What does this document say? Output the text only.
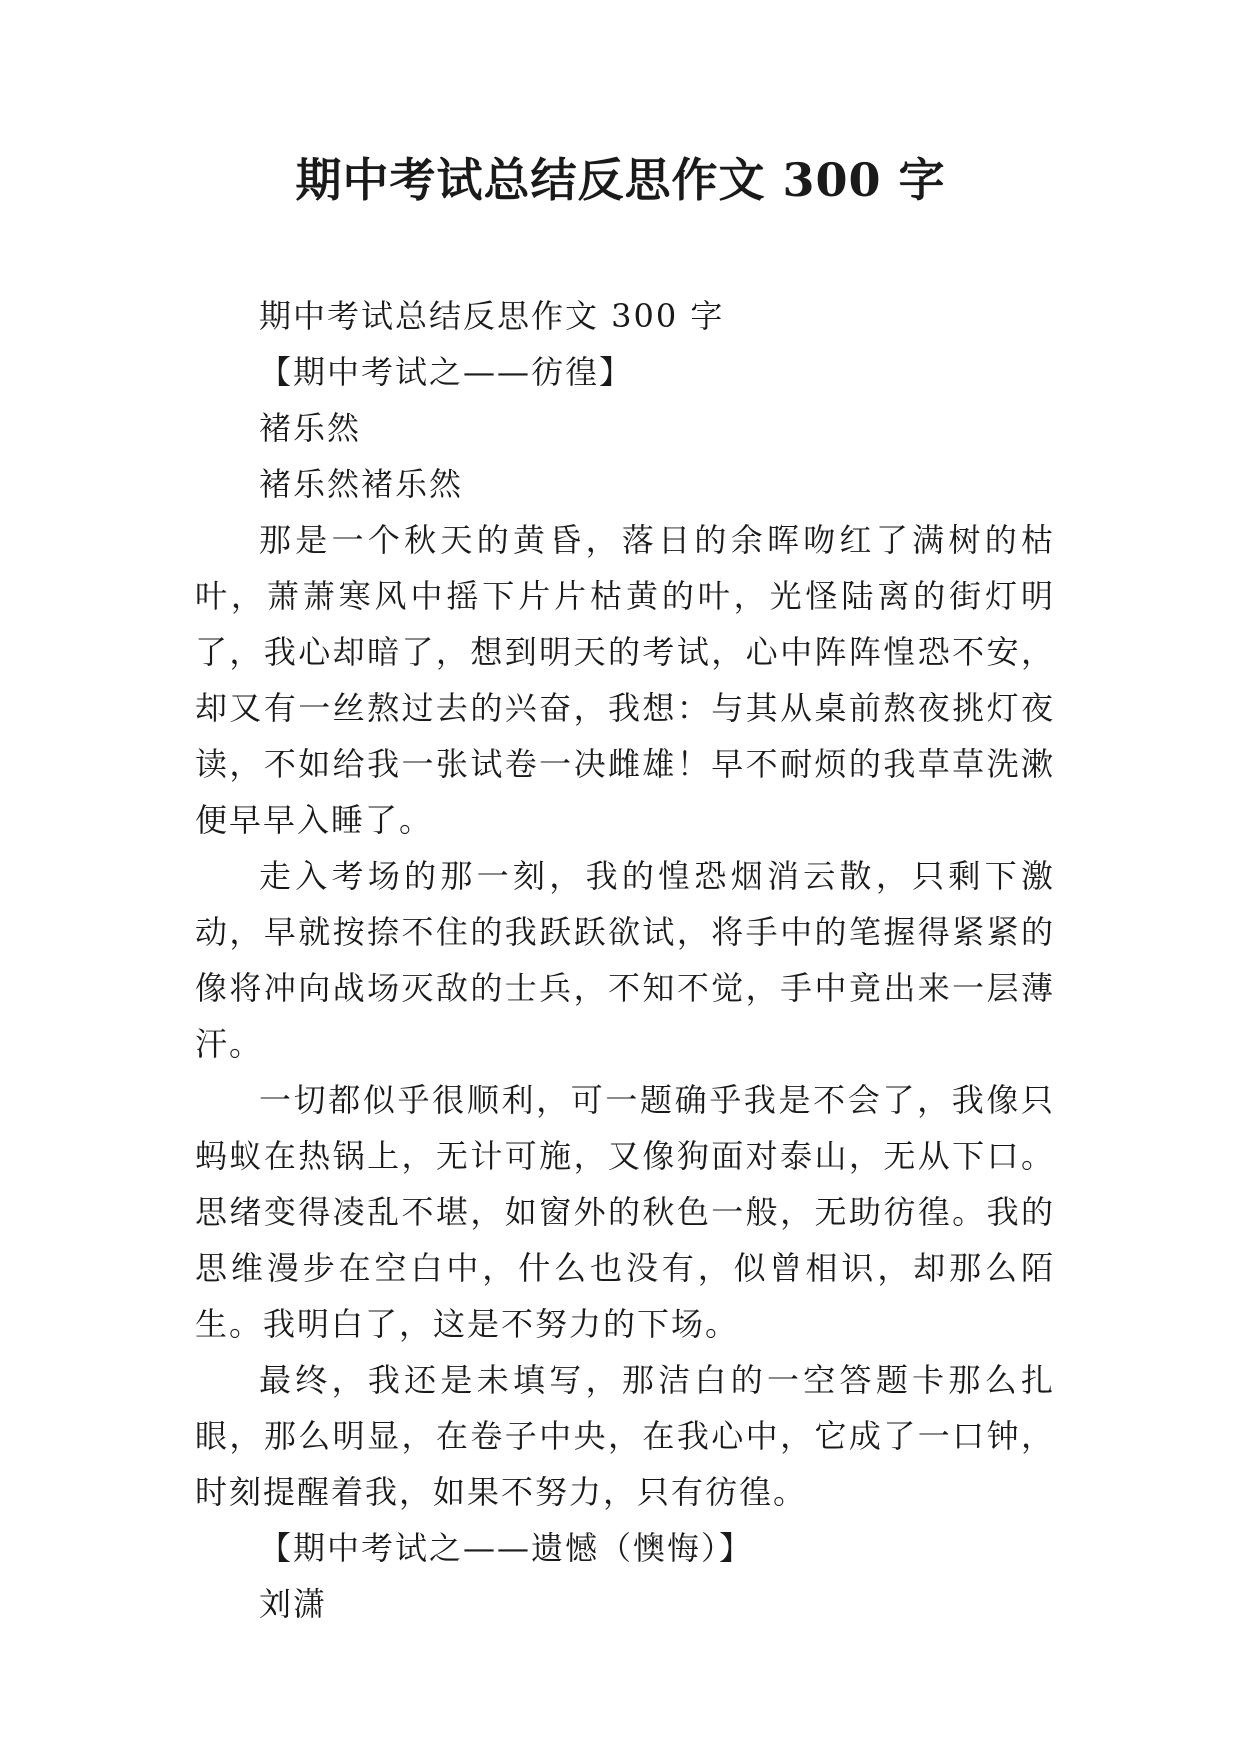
期中考试总结反思作文 300 字

期中考试总结反思作文 300 字

【期中考试之——彷徨】

褚乐然

褚乐然褚乐然

那是一个秋天的黄昏，落日的余晖吻红了满树的枯叶，萧萧寒风中摇下片片枯黄的叶，光怪陆离的街灯明了，我心却暗了，想到明天的考试，心中阵阵惶恐不安，却又有一丝熬过去的兴奋，我想：与其从桌前熬夜挑灯夜读，不如给我一张试卷一决雌雄！早不耐烦的我草草洗漱便早早入睡了。

走入考场的那一刻，我的惶恐烟消云散，只剩下激动，早就按捺不住的我跃跃欲试，将手中的笔握得紧紧的像将冲向战场灭敌的士兵，不知不觉，手中竟出来一层薄汗。

一切都似乎很顺利，可一题确乎我是不会了，我像只蚂蚁在热锅上，无计可施，又像狗面对泰山，无从下口。思绪变得凌乱不堪，如窗外的秋色一般，无助彷徨。我的思维漫步在空白中，什么也没有，似曾相识，却那么陌生。我明白了，这是不努力的下场。

最终，我还是未填写，那洁白的一空答题卡那么扎眼，那么明显，在卷子中央，在我心中，它成了一口钟，时刻提醒着我，如果不努力，只有彷徨。

【期中考试之——遗憾（懊悔）】

刘潇
